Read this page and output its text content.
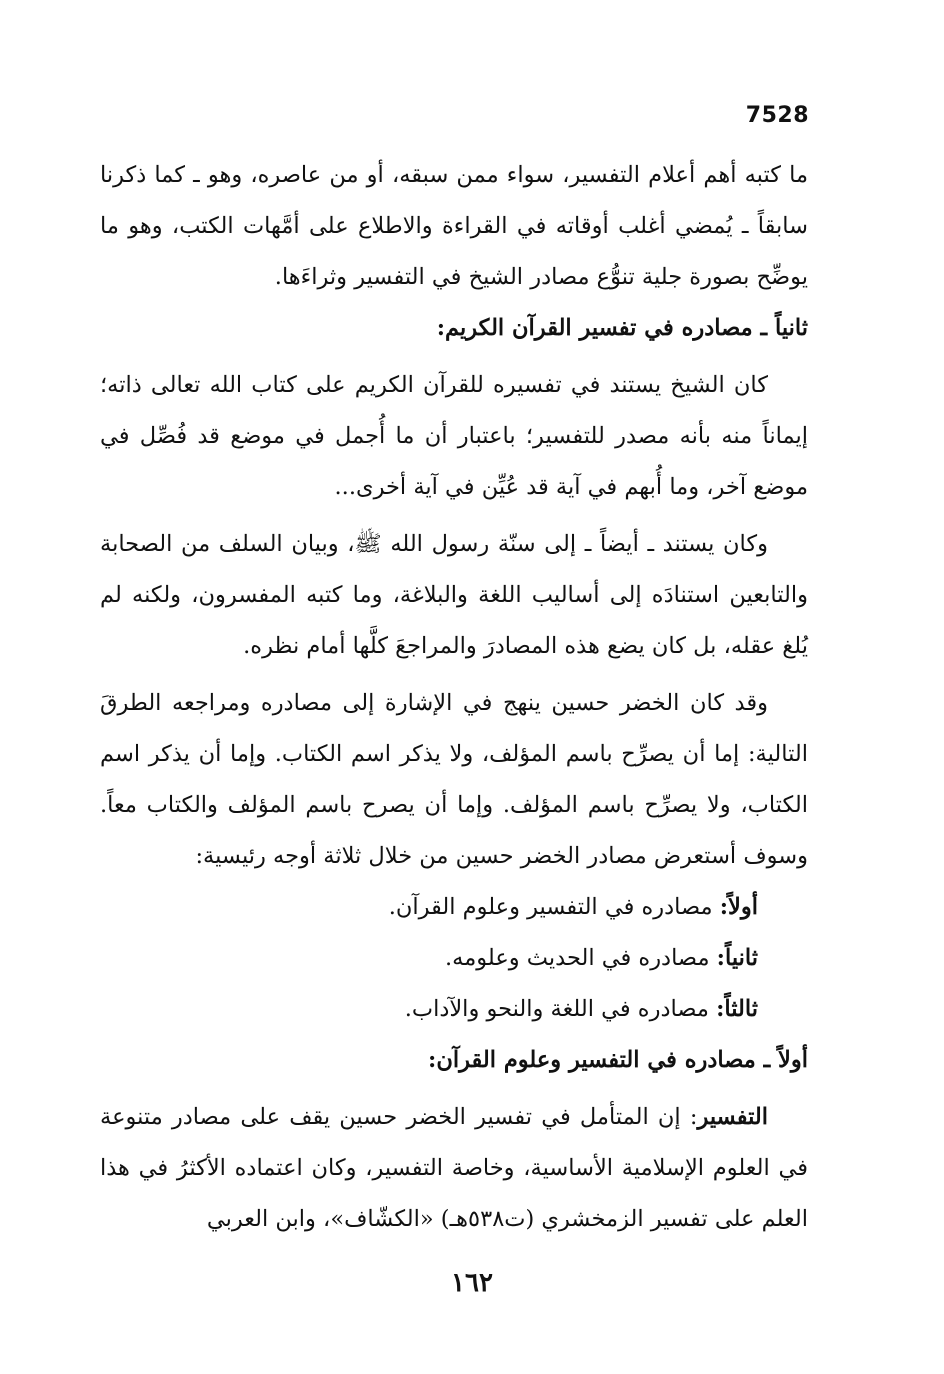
7528

ما كتبه أهم أعلام التفسير، سواء ممن سبقه، أو من عاصره، وهو ـ كما ذكرنا سابقاً ـ يُمضي أغلب أوقاته في القراءة والاطلاع على أمَّهات الكتب، وهو ما يوضِّح بصورة جلية تنوُّع مصادر الشيخ في التفسير وثراءَها.

ثانياً ـ مصادره في تفسير القرآن الكريم:

كان الشيخ يستند في تفسيره للقرآن الكريم على كتاب الله تعالى ذاته؛ إيماناً منه بأنه مصدر للتفسير؛ باعتبار أن ما أُجمل في موضع قد فُصِّل في موضع آخر، وما أُبهم في آية قد عُيِّن في آية أخرى...

وكان يستند ـ أيضاً ـ إلى سنّة رسول الله ﷺ، وبيان السلف من الصحابة والتابعين استنادَه إلى أساليب اللغة والبلاغة، وما كتبه المفسرون، ولكنه لم يُلغ عقله، بل كان يضع هذه المصادرَ والمراجعَ كلَّها أمام نظره.

وقد كان الخضر حسين ينهج في الإشارة إلى مصادره ومراجعه الطرقَ التالية: إما أن يصرِّح باسم المؤلف، ولا يذكر اسم الكتاب. وإما أن يذكر اسم الكتاب، ولا يصرِّح باسم المؤلف. وإما أن يصرح باسم المؤلف والكتاب معاً. وسوف أستعرض مصادر الخضر حسين من خلال ثلاثة أوجه رئيسية:

أولاً: مصادره في التفسير وعلوم القرآن.

ثانياً: مصادره في الحديث وعلومه.

ثالثاً: مصادره في اللغة والنحو والآداب.

أولاً ـ مصادره في التفسير وعلوم القرآن:

التفسير: إن المتأمل في تفسير الخضر حسين يقف على مصادر متنوعة في العلوم الإسلامية الأساسية، وخاصة التفسير، وكان اعتماده الأكثرُ في هذا العلم على تفسير الزمخشري (ت٥٣٨هـ) «الكشّاف»، وابن العربي

١٦٢
